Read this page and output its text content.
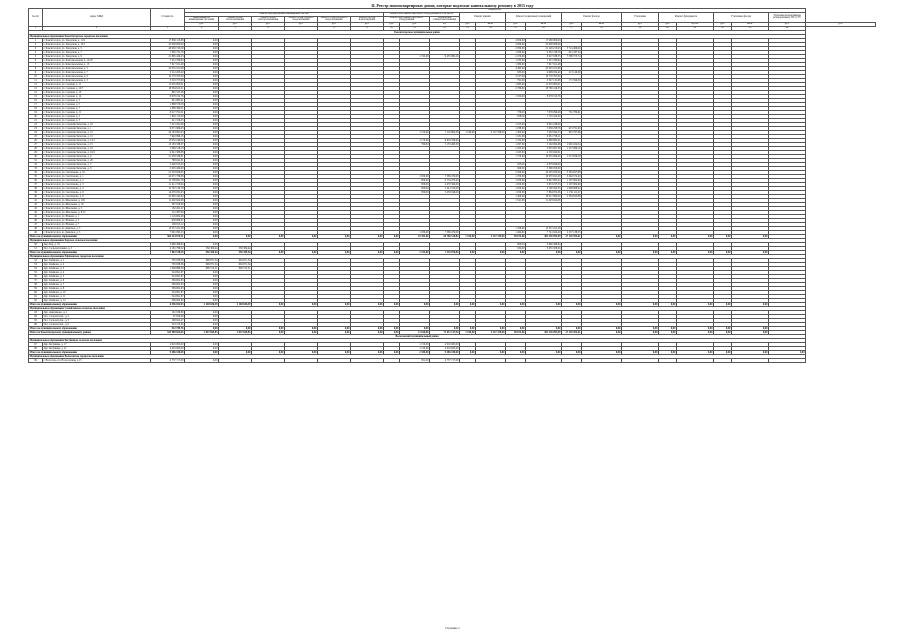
II. Реестр многоквартирных домов, которые подлежат капитальному ремонту в 2015 году
№ п/п	Адрес МКД	Стоимость	Виды работ																					
			Ремонт внутридомовых инженерных систем						Ремонт или замена лифтового оборудования, в том числе			Ремонт крыши		Ремонт подвальных помещений		Ремонт фасада		Утепление	Ремонт фундамента		Утепление фасада		Установка коллективных (общедомовых) ПУ и УУ	
			Выполнение по инженерным системам	Ремонт сетей теплоснабжения	Ремонт сетей электроснабжения	Ремонт сетей горячего водоснабжения	Ремонт сетей холодного водоснабжения	Ремонт систем водоотведения	Ремонт или замена лифтового оборудования		Техническое освидетельствование													
			руб.	руб.	руб.	руб.	руб.	руб.	руб.	руб.	ед.	руб.	кв.м.	руб.	кв.м.	руб.	кв.м.	руб.	руб.	куб.м.	руб.	кв.м.	руб.	руб.
1	2	3	4	5	6	7	8	9	10	11	12	13	14	15	16	17	18	19	20	21	22	23	24	
Бокситогорское муниципальное район																								
Муниципальное образование Бокситогорское городское поселение																								
1	г. Бокситогорск, ул. Заводская, д. 11/2	17 656 113,88	0,00											2 006,00	17 000 000,00									
2	г. Бокситогорск, ул. Заводская, д. 13/1	25 000 000,00	0,00											2 006,00	25 000 000,00									
3	г. Бокситогорск, ул. Заводская, д. 5	26 956 743,59	0,00											2 830,00	21 126 213,93	3 714 400,00								
4	г. Бокситогорск, ул. Заводская, д. 7	7 465 731,78	0,00											1 030,00	6 361 748,78	621 437,54								
5	г. Бокситогорск, ул. Заводская, д. 9	21 865 429,23	0,00							1 742,00	9 435 884,16			2 476,00	8 027 938,35	7 588 573,74								
6	г. Бокситогорск, ул. Комсомольская, д. 12/18	7 451 789,84	0,00											1 233,00	7 451 789,84									
7	г. Бокситогорск, ул. Комсомольская, д. 13	7 617 911,48	0,00											1 380,00	7 617 911,48									
8	г. Бокситогорск, ул. Комсомольская, д. 5	25 055 101,68	0,00											4 493,00	25 055 101,68									
9	г. Бокситогорск, ул. Комсомольская, д. 7	5 212 203,40	0,00											935,00	4 999 054,40	213 149,00								
10	г. Бокситогорск, ул. Комсомольская, д. 9	19 770 767,00	0,00											3 257,00	19 770 767,00									
11	г. Бокситогорск, ул. Комсомольская, д. 3	3 516 727,98	0,00											791,00	3 347 131,68	171 596,30								
12	г. Бокситогорск, ул. Садовая, д. 11	11 055 095,01	0,00											1 985,00	11 055 095,01									
13	г. Бокситогорск, ул. Садовая, д. 12/7	18 584 615,51	0,00											2 786,00	18 790 419,35									
14	г. Бокситогорск, ул. Садовая, д. 13	865 547,48	0,00																					
15	г. Бокситогорск, ул. Садовая, д. 14	8 978 102,76	0,00											1 500,00	8 978 102,76									
16	г. Бокситогорск, ул. Садовая, д. 3	841 885,41	0,00																					
17	г. Бокситогорск, ул. Садовая, д. 5	1 888 576,58	0,00																					
18	г. Бокситогорск, ул. Садовая, д. 7	1 888 369,51	0,00																					
19	г. Бокситогорск, ул. Садовая, д. 11	8 217 761,01	0,00											730,00	7 076 099,48	761 780,61								
20	г. Бокситогорск, ул. Садовая, д. 2	1 602 113,00	0,00											658,00	1 725 522,40									
21	г. Бокситогорск, ул. Садовая, д. 3	411 316,25	0,00																					
22	г. Бокситогорск, ул. Социалистическая, д. 18	7 521 291,99	0,00											1 105,00	6 661 248,00									
23	г. Бокситогорск, ул. Социалистическая, д. 1	6 071 969,43	0,00											1 038,00	5 658 258,76	413 701,00								
24	г. Бокситогорск, ул. Социалистическая, д. 12	26 163 991,93	0,00							1 210,00	7 116 984,38	1 196,00	4 137 339,00	1 300,00	7 932 824,53	981 767,96								
25	г. Бокситогорск, ул. Социалистическая, д. 13	7 992 996,15	0,00											1 181,00	6 631 758,21									
26	г. Бокситогорск, ул. Социалистическая, д. 14/1	13 932 240,00	0,00							1 170,00	6 819 356,64			1 532,00	4 860 682,41									
27	г. Бокситогорск, ул. Социалистическая, д. 15	13 183 338,37	0,00							790,00	5 155 465,30			1 297,00	5 162 092,66	1 902 224,34								
28	г. Бокситогорск, ул. Социалистическая, д. 19	7 669 518,53	0,00											1 203,00	5 655 607,26	1 257 986,10								
29	г. Бокситогорск, ул. Социалистическая, д. 19/2	4 041 380,88	0,00											1 165,00	4 150 042,91									
30	г. Бокситогорск, ул. Социалистическая, д. 2	21 038 338,81	0,00											1 750,00	19 035 090,00	1 313 056,58								
31	г. Бокситогорск, ул. Социалистическая, д. 20	788 041,01	0,00																					
32	г. Бокситогорск, ул. Социалистическая, д. 7	5 446 813,43	0,00											923,00	4 878 928,00									
33	г. Бокситогорск, ул. Социалистическая, д. 8	5 005 400,00	0,00											609,00	5 396 050,00									
34	г. Бокситогорск, ул. Светланова, д. 10	21 318 826,85	0,00											2 509,00	16 505 933,00	3 304 927,88								
35	г. Бокситогорск, ул. Светланова, д. 1	24 071 739,08	0,00							1 050,00	7 589 470,00			1 700,00	10 970 021,00	3 464 572,40								
36	г. Бокситогорск, ул. Светланова, д. 2	13 706 661,78	0,00							850,00	4 754 473,44			1 050,00	6 647 005,24	1 107 902,60								
37	г. Бокситогорск, ул. Светланова, д. 3	11 411 720,94	0,00							850,00	4 470 362,00			1 050,00	5 653 257,53	1 107 902,60								
38	г. Бокситогорск, ул. Светланова, д. 4	12 767 130,78	0,00							850,00	5 441 195,00			1 050,00	4 790 593,35	1 909 908,22								
39	г. Бокситогорск, ул. Светланова, д. 8	14 479 031,63	0,00							850,00	5 458 046,00			1 050,00	7 864 874,36	1 159 111,27								
40	г. Бокситогорск, ул. Светланова, д. 9	22 085 242,82	0,00											1 409,00	18 917 800,00	2 384 923,88								
41	г. Бокситогорск, ул. Школьная, д. 10/1	11 402 942,98	0,00											1 541,00	11 403 042,98									
42	г. Бокситогорск, ул. Школьная, д. 16	367 818,09	0,00																					
43	г. Бокситогорск, ул. Школьная, д. 5	182 261,47	0,00																					
44	г. Бокситогорск, ул. Школьная, д. 8/12	112 387,96	0,00																					
45	г. Бокситогорск, ул. Южная, д. 1	1 116 682,48	0,00																					
46	г. Бокситогорск, ул. Южная, д. 3	658 986,47	0,00																					
47	г. Бокситогорск, ул. Южная, д. 7	109 813,12	0,00																					
48	г. Бокситогорск, ш. Дымское, д. 3	13 557 221,28	0,00											1 358,00	13 557 221,28									
49	г. Бокситогорск, ш. Дымское, д. 5	7 991 095,25	0,00							1 036,00	7 589 470,00			1 404,00	7 741 922,40	2 257 138,55								
Итого по муниципальному образованию		564 244 675,31	0,00	0,00	0,00	0,00	0,00	0,00	0,00	10 392,00	66 786 518,84	1 196,00	4 137 339,00	58 674,00	381 236 093,69	27 120 954,61	0,00	0,00	0,00	0,00	0,00	0,00		
Муниципальное образование Борское сельское поселение																								
50	Дер. Бор, д. 35	3 680 368,84	0,00											600,00	3 680 368,84									
51	Пос. Сельхозтехника, д. 5	4 181 789,52	556 309,44	556 309,44										632,00	3 655 508,00									
Итого по муниципальному образованию		7 862 158,36	556 309,44	556 309,44	0,00	0,00	0,00	0,00	0,00	1 234,00	7 335 876,84	0,00	0,00	0,00	0,00	0,00	0,00	0,00	0,00	0,00	0,00	0,00		
Муниципальное образование Ефимовское городское поселение																								
52	Дер. Климово, д. 1	795 938,36	606 871,54	604 871,54																				
53	Дер. Климово, д. 2	795 938,36	606 871,54	604 871,54																				
54	Дер. Климово, д. 3	1 308 888,59	806 513,51	806 513,51																				
55	Дер. Климово, д. 4	524 691,87	0,00																					
56	Дер. Климово, д. 5	524 691,87	0,00																					
57	Дер. Климово, д. 6	569 602,63	0,00																					
58	Дер. Климово, д. 7	569 602,63	0,00																					
59	Дер. Климово, д. 8	569 602,63	0,00																					
60	Дер. Климово, д. 10	524 691,87	0,00																					
61	Дер. Климово, д. 11	524 691,87	0,00																					
62	Дер. Климово, д. 12	569 602,63	0,00																					
Итого по муниципальному образованию		6 556 822,93	2 168 656,59	2 168 656,59	0,00	0,00	0,00	0,00	0,00	0,00	0,00	0,00	0,00	0,00	0,00	0,00	0,00	0,00	0,00	0,00	0,00	0,00		
Муниципальное образование Самойловское сельское поселение																								
63	Дер. Анисимово, д. 2	161 036,80	0,00																					
64	Пос. Сельхозтехн., д. 2	97 959,46	0,00																					
65	Пос. Сельхозтехн., д. 3	168 622,47	0,00																					
66	Пос. Сельхозтехн., д. 6	543 153,04	0,00																					
Итого по муниципальному образованию		942 789,76	0,00	0,00	0,00	0,00	0,00	0,00	0,00	0,00	0,00	0,00	0,00	0,00	0,00	0,00	0,00	0,00	0,00	0,00	0,00	0,00		
Итого по Бокситогорскому муниципальному району		523 589 822,65	2 647 665,83	2 647 665,83	0,00	0,00	0,00	0,00	0,00	11 626,00	71 631 147,94	1 196,00	4 137 339,00	58 674,00	381 236 093,69	27 120 954,61	0,00	0,00	0,00	0,00	0,00	0,00		
Волосовский муниципальный район																								
Муниципальное образование Бегуницкое сельское поселение																								
67	Дер. Бегуницы, д. 17	4 916 065,00	0,00							1 150,00	4 916 065,00													
68	Дер. Бегуницы, д. 21	4 916 065,00	0,00							1 150,00	4 916 065,00													
Итого по муниципальному образованию		9 486 180,00	0,00	0,00	0,00	0,00	0,00	0,00	0,00	2 300,00	9 486 180,00	0,00	0,00	0,00	0,00	0,00	0,00	0,00	0,00	0,00	0,00	0,00	0,00	
Муниципальное образование Волосовское городское поселение																								
69	г. Волосово, пл. Волосовская, д.13	4 737 717,00	0,00							951,00	4 737 717,00													
Страница 1
